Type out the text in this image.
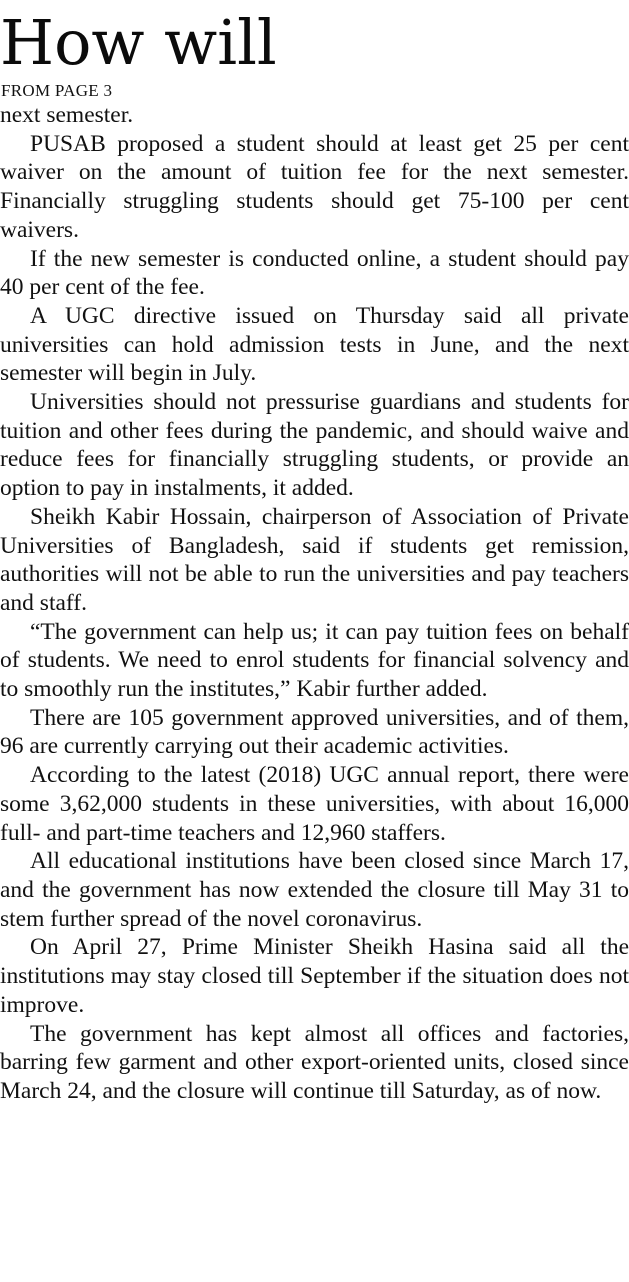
How will
FROM PAGE 3

next semester.

PUSAB proposed a student should at least get 25 per cent waiver on the amount of tuition fee for the next semester. Financially struggling students should get 75-100 per cent waivers.

If the new semester is conducted online, a student should pay 40 per cent of the fee.

A UGC directive issued on Thursday said all private universities can hold admission tests in June, and the next semester will begin in July.

Universities should not pressurise guardians and students for tuition and other fees during the pandemic, and should waive and reduce fees for financially struggling students, or provide an option to pay in instalments, it added.

Sheikh Kabir Hossain, chairperson of Association of Private Universities of Bangladesh, said if students get remission, authorities will not be able to run the universities and pay teachers and staff.

“The government can help us; it can pay tuition fees on behalf of students. We need to enrol students for financial solvency and to smoothly run the institutes,” Kabir further added.

There are 105 government approved universities, and of them, 96 are currently carrying out their academic activities.

According to the latest (2018) UGC annual report, there were some 3,62,000 students in these universities, with about 16,000 full- and part-time teachers and 12,960 staffers.

All educational institutions have been closed since March 17, and the government has now extended the closure till May 31 to stem further spread of the novel coronavirus.

On April 27, Prime Minister Sheikh Hasina said all the institutions may stay closed till September if the situation does not improve.

The government has kept almost all offices and factories, barring few garment and other export-oriented units, closed since March 24, and the closure will continue till Saturday, as of now.
